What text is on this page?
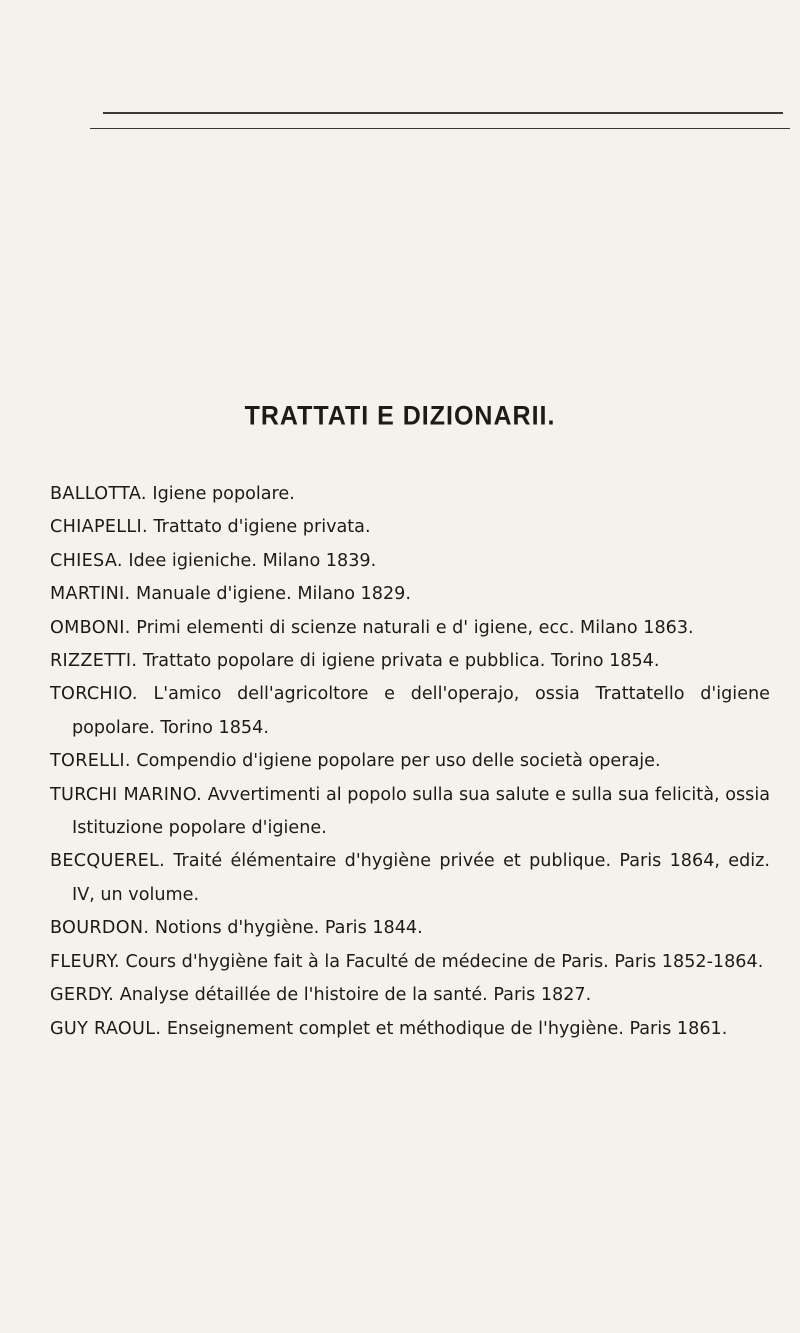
TRATTATI E DIZIONARII.
BALLOTTA. Igiene popolare.
CHIAPELLI. Trattato d'igiene privata.
CHIESA. Idee igieniche. Milano 1839.
MARTINI. Manuale d'igiene. Milano 1829.
OMBONI. Primi elementi di scienze naturali e d' igiene, ecc. Milano 1863.
RIZZETTI. Trattato popolare di igiene privata e pubblica. Torino 1854.
TORCHIO. L'amico dell'agricoltore e dell'operajo, ossia Trattatello d'igiene popolare. Torino 1854.
TORELLI. Compendio d'igiene popolare per uso delle società operaje.
TURCHI MARINO. Avvertimenti al popolo sulla sua salute e sulla sua felicità, ossia Istituzione popolare d'igiene.
BECQUEREL. Traité élémentaire d'hygiène privée et publique. Paris 1864, ediz. IV, un volume.
BOURDON. Notions d'hygiène. Paris 1844.
FLEURY. Cours d'hygiène fait à la Faculté de médecine de Paris. Paris 1852-1864.
GERDY. Analyse détaillée de l'histoire de la santé. Paris 1827.
GUY RAOUL. Enseignement complet et méthodique de l'hygiène. Paris 1861.
